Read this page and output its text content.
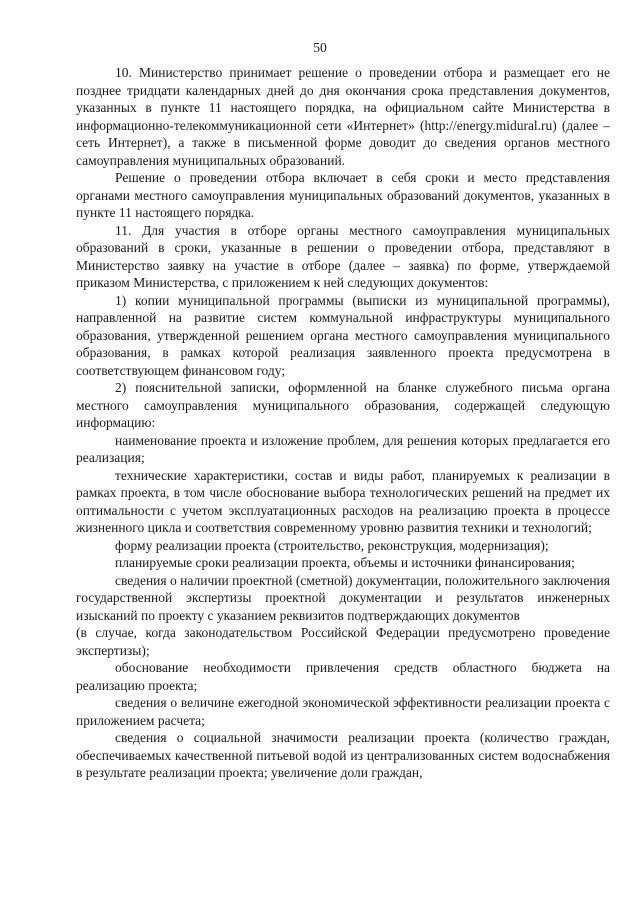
50

10. Министерство принимает решение о проведении отбора и размещает его не позднее тридцати календарных дней до дня окончания срока представления документов, указанных в пункте 11 настоящего порядка, на официальном сайте Министерства в информационно-телекоммуникационной сети «Интернет» (http://energy.midural.ru) (далее – сеть Интернет), а также в письменной форме доводит до сведения органов местного самоуправления муниципальных образований.

Решение о проведении отбора включает в себя сроки и место представления органами местного самоуправления муниципальных образований документов, указанных в пункте 11 настоящего порядка.

11. Для участия в отборе органы местного самоуправления муниципальных образований в сроки, указанные в решении о проведении отбора, представляют в Министерство заявку на участие в отборе (далее – заявка) по форме, утверждаемой приказом Министерства, с приложением к ней следующих документов:

1) копии муниципальной программы (выписки из муниципальной программы), направленной на развитие систем коммунальной инфраструктуры муниципального образования, утвержденной решением органа местного самоуправления муниципального образования, в рамках которой реализация заявленного проекта предусмотрена в соответствующем финансовом году;

2) пояснительной записки, оформленной на бланке служебного письма органа местного самоуправления муниципального образования, содержащей следующую информацию:

наименование проекта и изложение проблем, для решения которых предлагается его реализация;

технические характеристики, состав и виды работ, планируемых к реализации в рамках проекта, в том числе обоснование выбора технологических решений на предмет их оптимальности с учетом эксплуатационных расходов на реализацию проекта в процессе жизненного цикла и соответствия современному уровню развития техники и технологий;

форму реализации проекта (строительство, реконструкция, модернизация);

планируемые сроки реализации проекта, объемы и источники финансирования;

сведения о наличии проектной (сметной) документации, положительного заключения государственной экспертизы проектной документации и результатов инженерных изысканий по проекту с указанием реквизитов подтверждающих документов

(в случае, когда законодательством Российской Федерации предусмотрено проведение экспертизы);

обоснование необходимости привлечения средств областного бюджета на реализацию проекта;

сведения о величине ежегодной экономической эффективности реализации проекта с приложением расчета;

сведения о социальной значимости реализации проекта (количество граждан, обеспечиваемых качественной питьевой водой из централизованных систем водоснабжения в результате реализации проекта; увеличение доли граждан,
